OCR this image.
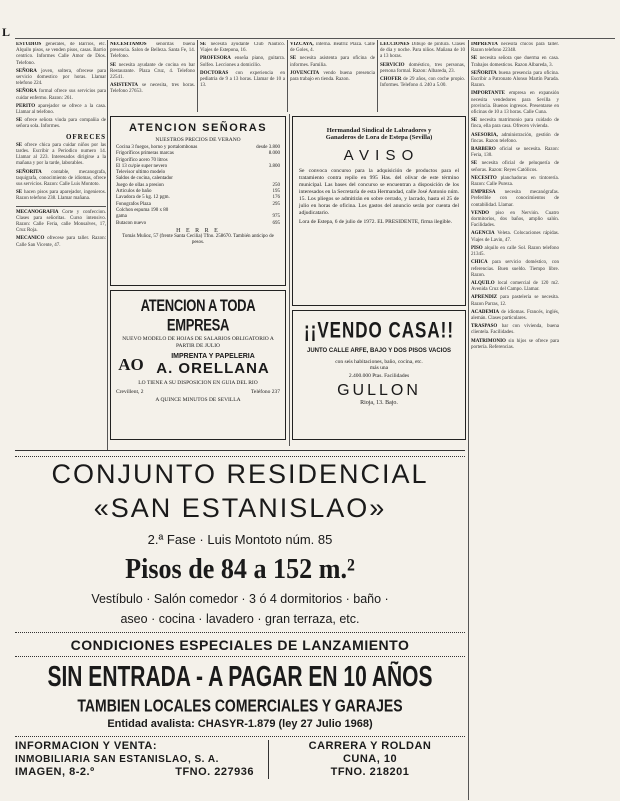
L

ESTUDIOS generales, de Barrios, etc. Alquilo pisos, se venden pisos, casas. Barrio centrico. Informes Calle Amor de Dios. Telefono.

SEÑORA joven, soltera, ofrecese para servicio domestico por horas. Llamar telefono 224.

SEÑORA formal ofrece sus servicios para cuidar enfermo. Razon: 261.

PERITO aparejador se ofrece a la casa. Llamar al telefono.

SE ofrece señora viuda para compañia de señora sola. Informes.

OFRECES

SE ofrece chica para cuidar niños por las tardes. Escribir a Periodico numero 14. Llamar al 223. Interesados dirigirse a la mañana y por la tarde, laborables.

SEÑORITA contable, mecanografa, taquigrafa, conocimiento de idiomas, ofrece sus servicios. Razon: Calle Luis Montoto.

SE hacen pisos para aparejador, ingenieros. Razon telefono 238. Llamar mañana.

MECANOGRAFIA Corte y confeccion. Clases para señoritas. Curso intensivo. Razon: Calle Feria, calle Monsalves, 17, Cruz Roja.

MECANICO ofrecese para taller. Razon: Calle San Vicente, 47.

NECESITAMOS señoritas buena presencia. Salon de Belleza. Santa Fe, 14. Telefono.

SE necesita ayudante de cocina en bar Restaurante. Plaza Cruz, 4. Telefono 22541.

ASISTENTA se necesita, tres horas. Telefono 27653.

SE necesita ayudante Club Nautico. Viajes de Estepona, 16.

PROFESORA enseña piano, guitarra. Solfeo. Lecciones a domicilio.

DOCTORAS con experiencia en pediatria de 9 a 13 horas. Llamar de 10 a 13.

VIZCAYA, interna. Beatriz Plaza. Calle de Goles, 4.

SE necesita asistenta para oficina de informes. Familia.

JOVENCITA vendo buena presencia para trabajo en tienda. Razon.

LECCIONES Dibujo de pintura. Clases de dia y noche. Para niños. Mañana de 10 a 13 horas.

SERVICIO doméstico, tres personas, persona formal. Razon: Albareda, 23.

CHOFER de 29 años, con coche propio. Informes. Telefono 4. 240 a 5.00.

IMPRENTA necesita chicos para taller. Razon telefono 22348.

SE necesita señora que duerma en casa. Trabajos domesticos. Razon Albareda, 3.

SEÑORITA buena presencia para oficina. Escribir a Patronato Alonso Martín Parada. Razon.

IMPORTANTE empresa en expansión necesita vendedores para Sevilla y provincia. Buenos ingresos. Presentarse en oficinas de 10 a 13 horas. Calle Cuna.

SE necesita matrimonio para cuidado de finca, ella para casa. Ofrecen vivienda.

ASESORIA, administración, gestión de fincas. Razon telefono.

BARBERO oficial se necesita. Razon: Feria, 130.

SE necesita oficial de peluquería de señoras. Razon: Reyes Católicos.

NECESITO planchadoras en tintorería. Razon: Calle Pureza.

EMPRESA necesita mecanógrafas. Preferible con conocimientos de contabilidad. Llamar.

VENDO piso en Nervión. Cuatro dormitorios, dos baños, amplio salón. Facilidades.

AGENCIA Veleta. Colocaciones rápidas. Viajes de Lavin, 47.

PISO alquilo en calle Sol. Razon telefono 21345.

CHICA para servicio doméstico, con referencias. Buen sueldo. Tiempo libre. Razon.

ALQUILO local comercial de 120 m2. Avenida Cruz del Campo. Llamar.

APRENDIZ para pastelería se necesita. Razon Parras, 12.

ACADEMIA de idiomas. Francés, inglés, alemán. Clases particulares.

TRASPASO bar con vivienda, buena clientela. Facilidades.

MATRIMONIO sin hijos se ofrece para portería. Referencias.

ATENCION SEÑORAS
NUESTROS PRECIOS DE VERANO
Cocina 3 fuegos, horno y portalombonas	desde 3.800
Frigoríficos primeras marcas	8.000
Frigorífico acero 70 litros
El 13 cu/pie super nevero	3.800
Televisor ultimo modelo
Saldos de cocina, calentador
Juego de ollas a presion	250
Articulos de baño	195
Lavadora de 5 kg. 12 pgm.	176
Fonografos Plaza	295
Colchon espuma 190 x 80
gama	975
Butacon nuevo	695
H E R R E
Tomás Muñoz, 57 (frente Santa Cecilia) Tfno. 258670. También anticipo de pesos.
ATENCION A TODA EMPRESA
NUEVO MODELO DE HOJAS DE SALARIOS OBLIGATORIO A PARTIR DE JULIO
AO	IMPRENTA Y PAPELERIA
A. ORELLANA
LO TIENE A SU DISPOSICION EN GUIA DEL RIO
Crevillent, 2	Teléfono 237
A QUINCE MINUTOS DE SEVILLA
Hermandad Sindical de Labradores y
Ganaderos de Lora de Estepa (Sevilla)
A V I S O
Se convoca concurso para la adquisición de productos para el tratamiento contra repilo en 995 Has. del olivar de este término municipal. Las bases del concurso se encuentran a disposición de los interesados en la Secretaría de esta Hermandad, calle José Antonio núm. 15. Los pliegos se admitirán en sobre cerrado, y lacrado, hasta el 25 de julio en horas de oficina. Los gastos del anuncio serán por cuenta del adjudicatario.
Lora de Estepa, 6 de julio de 1972. EL PRESIDENTE, firma ilegible.
¡¡VENDO CASA!!
JUNTO CALLE ARFE, BAJO Y DOS PISOS VACIOS
con seis habitaciones, baño, cocina, etc.
más una
2.400.000 Ptas. Facilidades
GULLON
Rioja, 13. Bajo.
CONJUNTO RESIDENCIAL
«SAN ESTANISLAO»
2.ª Fase · Luis Montoto núm. 85
Pisos de 84 a 152 m.²
Vestíbulo · Salón comedor · 3 ó 4 dormitorios · baño ·
aseo · cocina · lavadero · gran terraza, etc.
CONDICIONES ESPECIALES DE LANZAMIENTO
SIN ENTRADA - A PAGAR EN 10 AÑOS
TAMBIEN LOCALES COMERCIALES Y GARAJES
Entidad avalista: CHASYR-1.879 (ley 27 Julio 1968)
INFORMACION Y VENTA:
INMOBILIARIA SAN ESTANISLAO, S. A.
IMAGEN, 8-2.º	TFNO. 227936
CARRERA Y ROLDAN
CUNA, 10
TFNO. 218201
